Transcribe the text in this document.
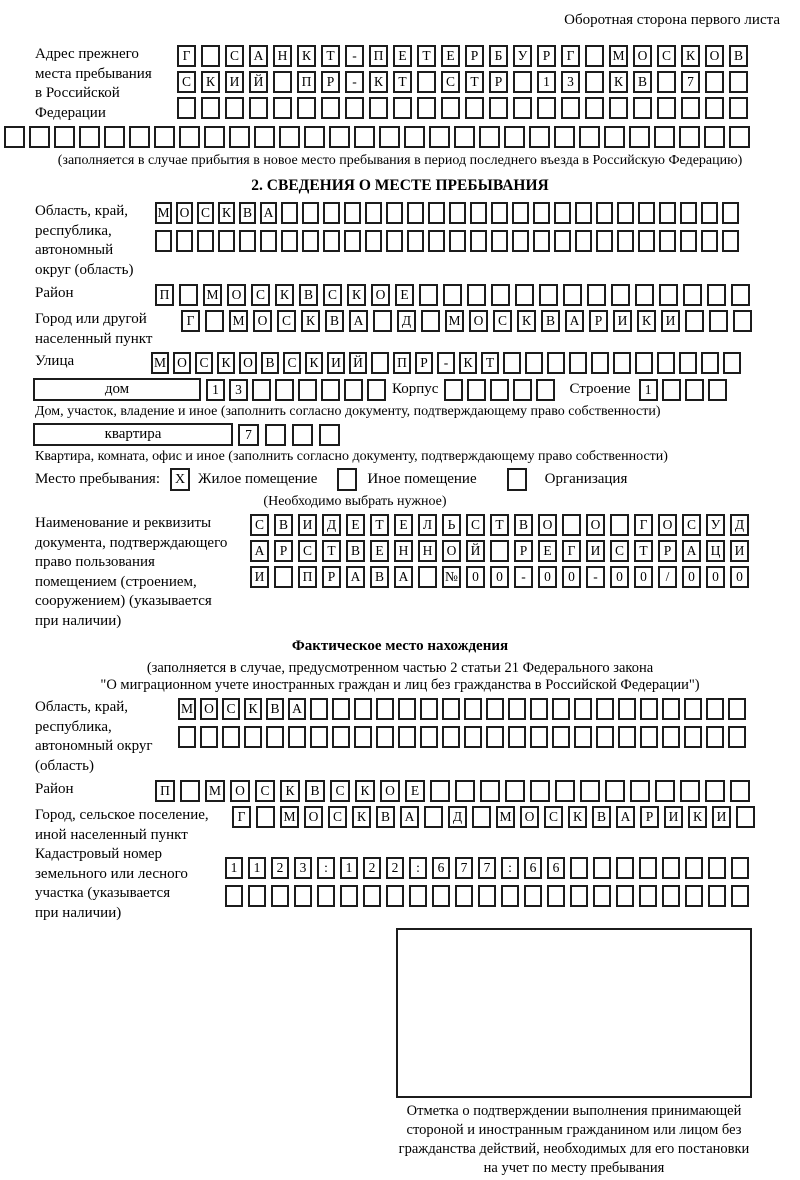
Оборотная сторона первого листа
Адрес прежнего
места пребывания
в Российской
Федерации
Г	С	А	Н	К	Т	-	П	Е	Т	Е	Р	Б	У	Р	Г	М О	С	К	О	В
С	К	И	Й	П	Р	-	К	Т	С	Т	Р	1	3	К	В	7
(заполняется в случае прибытия в новое место пребывания в период последнего въезда в Российскую Федерацию)
2. СВЕДЕНИЯ О МЕСТЕ ПРЕБЫВАНИЯ
Область, край,
республика,
автономный
округ (область)
М О С К В А
Район	П	М О	С	К	В	С	К	О	Е
Город или другой
населенный пункт
Г	М О	С	К	В	А	Д	М О	С	К	В	А	Р	И	К	И
Улица	М О С К О В С К И Й	П Р	-	К Т
дом	1	3	Корпус	Строение	1
Дом, участок, владение и иное (заполнить согласно документу, подтверждающему право собственности)
квартира	7
Квартира, комната, офис и иное (заполнить согласно документу, подтверждающему право собственности)
Место пребывания:	X Жилое помещение	Иное помещение	Организация
(Необходимо выбрать нужное)
Наименование и реквизиты
документа, подтверждающего
право пользования
помещением (строением,
сооружением) (указывается
при наличии)
С	В	И	Д	Е	Т	Е	Л	Ь	С	Т	В	О	О	Г	О	С	У	Д
А	Р	С	Т	В	Е	Н	Н	О	Й	Р	Е	Г	И	С	Т	Р	А	Ц	И
И	П	Р	А	В	А	№	0	0	-	0	0	-	0	0	/	0	0	0
Фактическое место нахождения
(заполняется в случае, предусмотренном частью 2 статьи 21 Федерального закона
"О миграционном учете иностранных граждан и лиц без гражданства в Российской Федерации")
Область, край,
республика,
автономный округ
(область)
М О С К В А
Район	П	М	О	С	К	В	С	К	О	Е
Город, сельское поселение,
иной населенный пункт
Г	М О	С	К	В	А	Д	М О	С	К	В	А	Р	И	К	И
Кадастровый номер
земельного или лесного
участка (указывается
при наличии)
1	1	2	3	:	1	2	2	:	6	7	7	:	6	6
Отметка о подтверждении выполнения принимающей
стороной и иностранным гражданином или лицом без
гражданства действий, необходимых для его постановки
на учет по месту пребывания
